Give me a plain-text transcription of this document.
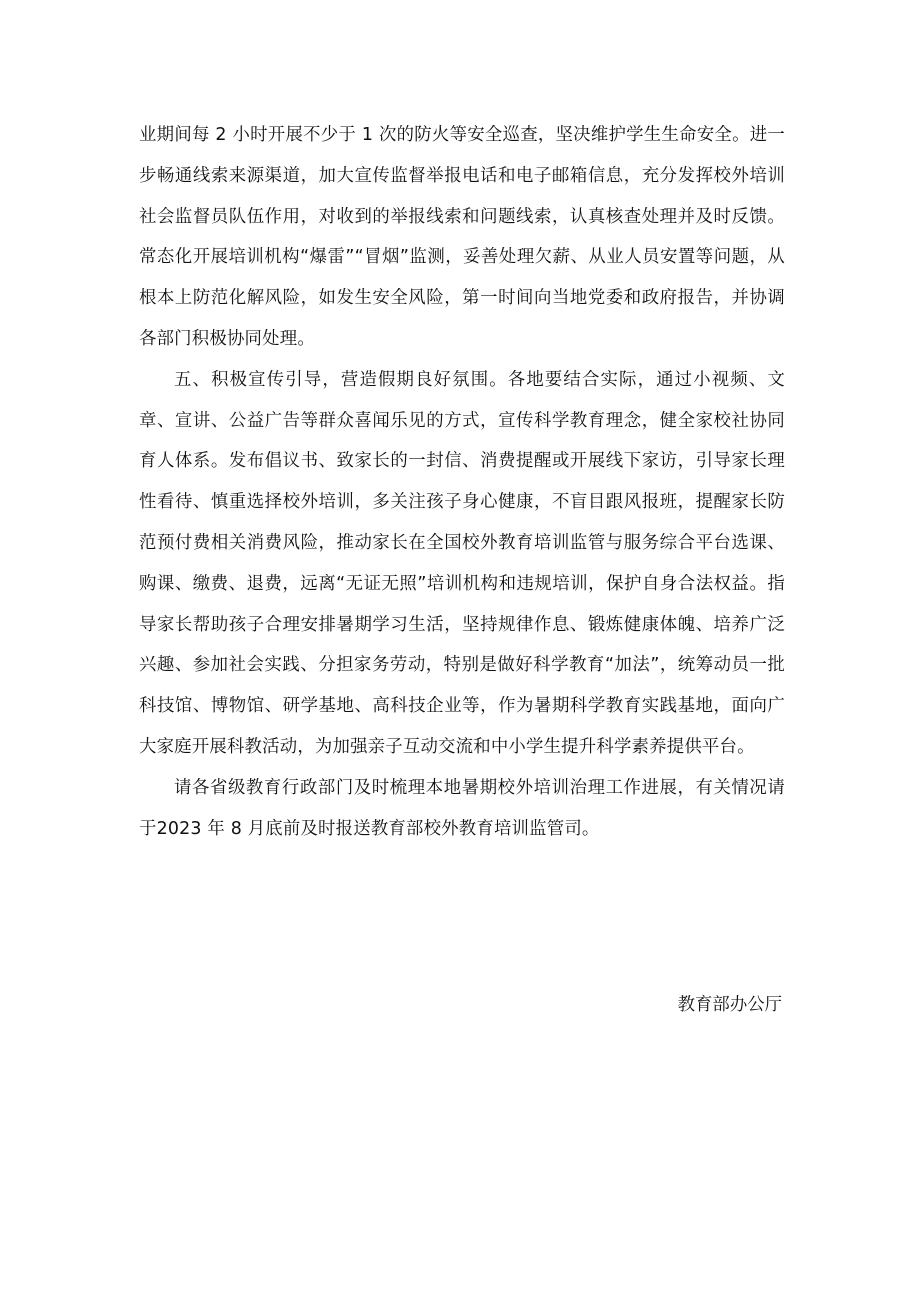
业期间每 2 小时开展不少于 1 次的防火等安全巡查，坚决维护学生生命安全。进一步畅通线索来源渠道，加大宣传监督举报电话和电子邮箱信息，充分发挥校外培训社会监督员队伍作用，对收到的举报线索和问题线索，认真核查处理并及时反馈。常态化开展培训机构“爆雷”“冒烟”监测，妥善处理欠薪、从业人员安置等问题，从根本上防范化解风险，如发生安全风险，第一时间向当地党委和政府报告，并协调各部门积极协同处理。

五、积极宣传引导，营造假期良好氛围。各地要结合实际，通过小视频、文章、宣讲、公益广告等群众喜闻乐见的方式，宣传科学教育理念，健全家校社协同育人体系。发布倡议书、致家长的一封信、消费提醒或开展线下家访，引导家长理性看待、慎重选择校外培训，多关注孩子身心健康，不盲目跟风报班，提醒家长防范预付费相关消费风险，推动家长在全国校外教育培训监管与服务综合平台选课、购课、缴费、退费，远离“无证无照”培训机构和违规培训，保护自身合法权益。指导家长帮助孩子合理安排暑期学习生活，坚持规律作息、锻炼健康体魄、培养广泛兴趣、参加社会实践、分担家务劳动，特别是做好科学教育“加法”，统筹动员一批科技馆、博物馆、研学基地、高科技企业等，作为暑期科学教育实践基地，面向广大家庭开展科教活动，为加强亲子互动交流和中小学生提升科学素养提供平台。

请各省级教育行政部门及时梳理本地暑期校外培训治理工作进展，有关情况请于2023 年 8 月底前及时报送教育部校外教育培训监管司。

教育部办公厅
